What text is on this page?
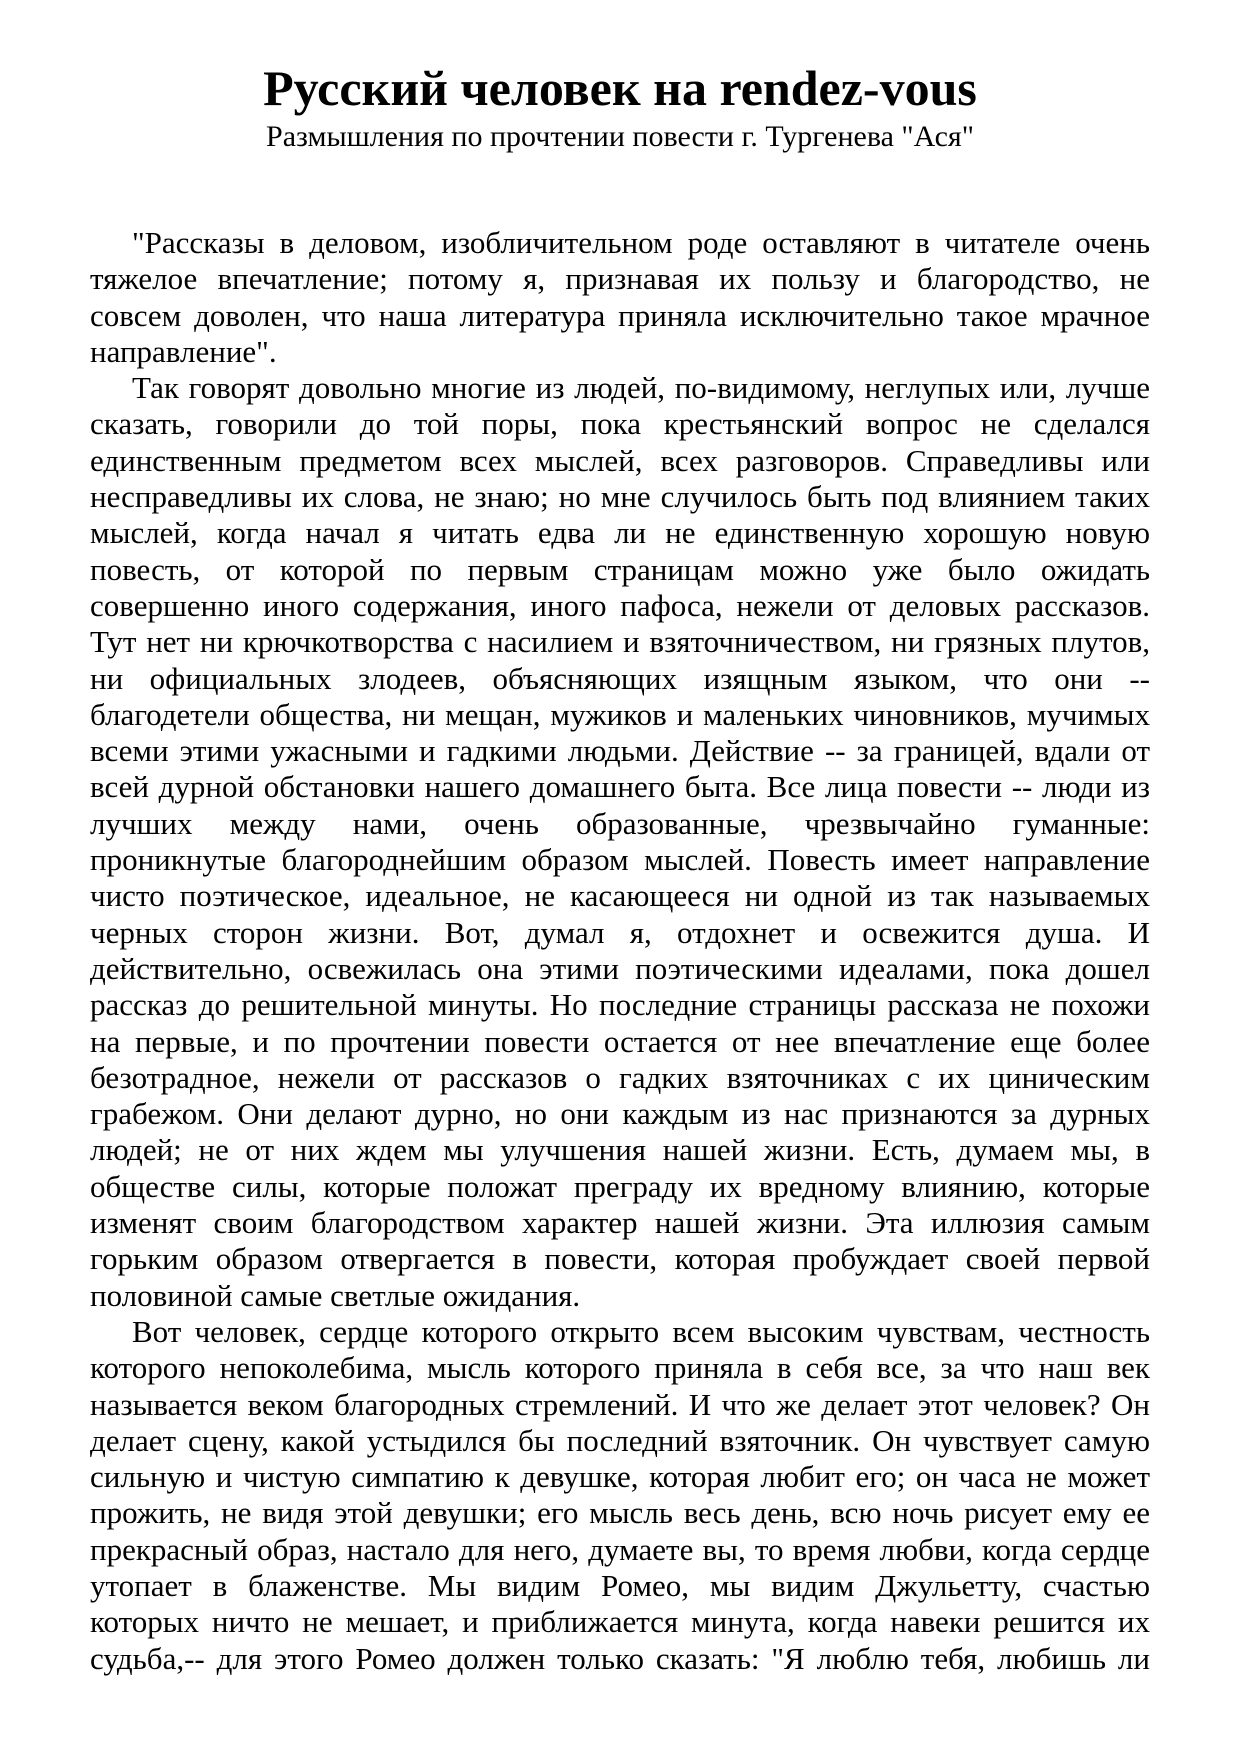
Русский человек на rendez-vous

Размышления по прочтении повести г. Тургенева "Ася"

"Рассказы в деловом, изобличительном роде оставляют в читателе очень
тяжелое впечатление; потому я, признавая их пользу и благородство, не
совсем доволен, что наша литература приняла исключительно такое мрачное
направление".
Так говорят довольно многие из людей, по-видимому, неглупых или, лучше
сказать, говорили до той поры, пока крестьянский вопрос не сделался
единственным предметом всех мыслей, всех разговоров. Справедливы или
несправедливы их слова, не знаю; но мне случилось быть под влиянием таких
мыслей, когда начал я читать едва ли не единственную хорошую новую
повесть, от которой по первым страницам можно уже было ожидать
совершенно иного содержания, иного пафоса, нежели от деловых рассказов.
Тут нет ни крючкотворства с насилием и взяточничеством, ни грязных плутов,
ни официальных злодеев, объясняющих изящным языком, что они --
благодетели общества, ни мещан, мужиков и маленьких чиновников, мучимых
всеми этими ужасными и гадкими людьми. Действие -- за границей, вдали от
всей дурной обстановки нашего домашнего быта. Все лица повести -- люди из
лучших между нами, очень образованные, чрезвычайно гуманные:
проникнутые благороднейшим образом мыслей. Повесть имеет направление
чисто поэтическое, идеальное, не касающееся ни одной из так называемых
черных сторон жизни. Вот, думал я, отдохнет и освежится душа. И
действительно, освежилась она этими поэтическими идеалами, пока дошел
рассказ до решительной минуты. Но последние страницы рассказа не похожи
на первые, и по прочтении повести остается от нее впечатление еще более
безотрадное, нежели от рассказов о гадких взяточниках с их циническим
грабежом. Они делают дурно, но они каждым из нас признаются за дурных
людей; не от них ждем мы улучшения нашей жизни. Есть, думаем мы, в
обществе силы, которые положат преграду их вредному влиянию, которые
изменят своим благородством характер нашей жизни. Эта иллюзия самым
горьким образом отвергается в повести, которая пробуждает своей первой
половиной самые светлые ожидания.
Вот человек, сердце которого открыто всем высоким чувствам, честность
которого непоколебима, мысль которого приняла в себя все, за что наш век
называется веком благородных стремлений. И что же делает этот человек? Он
делает сцену, какой устыдился бы последний взяточник. Он чувствует самую
сильную и чистую симпатию к девушке, которая любит его; он часа не может
прожить, не видя этой девушки; его мысль весь день, всю ночь рисует ему ее
прекрасный образ, настало для него, думаете вы, то время любви, когда сердце
утопает в блаженстве. Мы видим Ромео, мы видим Джульетту, счастью
которых ничто не мешает, и приближается минута, когда навеки решится их
судьба,-- для этого Ромео должен только сказать: "Я люблю тебя, любишь ли
